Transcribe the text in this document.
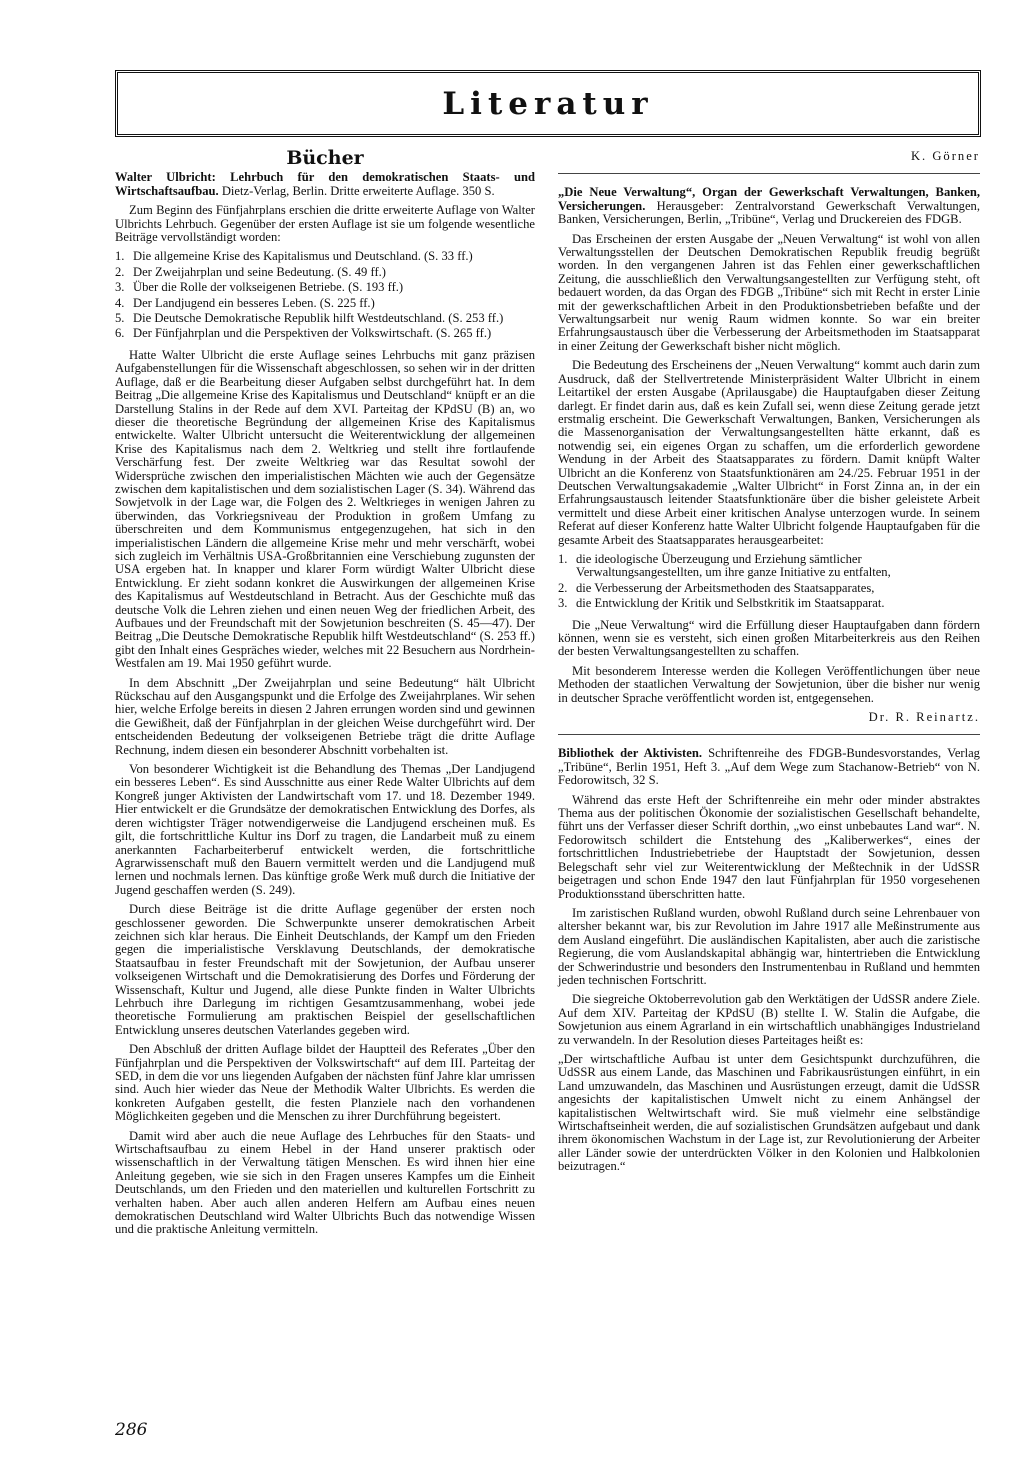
Literatur
Bücher

Walter Ulbricht: Lehrbuch für den demokratischen Staats- und Wirtschaftsaufbau. Dietz-Verlag, Berlin. Dritte erweiterte Auflage. 350 S.

Zum Beginn des Fünfjahrplans erschien die dritte erweiterte Auflage von Walter Ulbrichts Lehrbuch. Gegenüber der ersten Auflage ist sie um folgende wesentliche Beiträge vervollständigt worden:

1. Die allgemeine Krise des Kapitalismus und Deutschland. (S. 33 ff.)
2. Der Zweijahrplan und seine Bedeutung. (S. 49 ff.)
3. Über die Rolle der volkseigenen Betriebe. (S. 193 ff.)
4. Der Landjugend ein besseres Leben. (S. 225 ff.)
5. Die Deutsche Demokratische Republik hilft Westdeutschland. (S. 253 ff.)
6. Der Fünfjahrplan und die Perspektiven der Volkswirtschaft. (S. 265 ff.)

Hatte Walter Ulbricht die erste Auflage seines Lehrbuchs mit ganz präzisen Aufgabenstellungen für die Wissenschaft abgeschlossen, so sehen wir in der dritten Auflage, daß er die Bearbeitung dieser Aufgaben selbst durchgeführt hat. In dem Beitrag „Die allgemeine Krise des Kapitalismus und Deutschland“ knüpft er an die Darstellung Stalins in der Rede auf dem XVI. Parteitag der KPdSU (B) an, wo dieser die theoretische Begründung der allgemeinen Krise des Kapitalismus entwickelte. Walter Ulbricht untersucht die Weiterentwicklung der allgemeinen Krise des Kapitalismus nach dem 2. Weltkrieg und stellt ihre fortlaufende Verschärfung fest. Der zweite Weltkrieg war das Resultat sowohl der Widersprüche zwischen den imperialistischen Mächten wie auch der Gegensätze zwischen dem kapitalistischen und dem sozialistischen Lager (S. 34). Während das Sowjetvolk in der Lage war, die Folgen des 2. Weltkrieges in wenigen Jahren zu überwinden, das Vorkriegsniveau der Produktion in großem Umfang zu überschreiten und dem Kommunismus entgegenzugehen, hat sich in den imperialistischen Ländern die allgemeine Krise mehr und mehr verschärft, wobei sich zugleich im Verhältnis USA-Großbritannien eine Verschiebung zugunsten der USA ergeben hat. In knapper und klarer Form würdigt Walter Ulbricht diese Entwicklung. Er zieht sodann konkret die Auswirkungen der allgemeinen Krise des Kapitalismus auf Westdeutschland in Betracht. Aus der Geschichte muß das deutsche Volk die Lehren ziehen und einen neuen Weg der friedlichen Arbeit, des Aufbaues und der Freundschaft mit der Sowjetunion beschreiten (S. 45—47). Der Beitrag „Die Deutsche Demokratische Republik hilft Westdeutschland“ (S. 253 ff.) gibt den Inhalt eines Gespräches wieder, welches mit 22 Besuchern aus Nordrhein-Westfalen am 19. Mai 1950 geführt wurde.

In dem Abschnitt „Der Zweijahrplan und seine Bedeutung“ hält Ulbricht Rückschau auf den Ausgangspunkt und die Erfolge des Zweijahrplanes. Wir sehen hier, welche Erfolge bereits in diesen 2 Jahren errungen worden sind und gewinnen die Gewißheit, daß der Fünfjahrplan in der gleichen Weise durchgeführt wird. Der entscheidenden Bedeutung der volkseigenen Betriebe trägt die dritte Auflage Rechnung, indem diesen ein besonderer Abschnitt vorbehalten ist.

Von besonderer Wichtigkeit ist die Behandlung des Themas „Der Landjugend ein besseres Leben“. Es sind Ausschnitte aus einer Rede Walter Ulbrichts auf dem Kongreß junger Aktivisten der Landwirtschaft vom 17. und 18. Dezember 1949. Hier entwickelt er die Grundsätze der demokratischen Entwicklung des Dorfes, als deren wichtigster Träger notwendigerweise die Landjugend erscheinen muß. Es gilt, die fortschrittliche Kultur ins Dorf zu tragen, die Landarbeit muß zu einem anerkannten Facharbeiterberuf entwickelt werden, die fortschrittliche Agrarwissenschaft muß den Bauern vermittelt werden und die Landjugend muß lernen und nochmals lernen. Das künftige große Werk muß durch die Initiative der Jugend geschaffen werden (S. 249).

Durch diese Beiträge ist die dritte Auflage gegenüber der ersten noch geschlossener geworden. Die Schwerpunkte unserer demokratischen Arbeit zeichnen sich klar heraus. Die Einheit Deutschlands, der Kampf um den Frieden gegen die imperialistische Versklavung Deutschlands, der demokratische Staatsaufbau in fester Freundschaft mit der Sowjetunion, der Aufbau unserer volkseigenen Wirtschaft und die Demokratisierung des Dorfes und Förderung der Wissenschaft, Kultur und Jugend, alle diese Punkte finden in Walter Ulbrichts Lehrbuch ihre Darlegung im richtigen Gesamtzusammenhang, wobei jede theoretische Formulierung am praktischen Beispiel der gesellschaftlichen Entwicklung unseres deutschen Vaterlandes gegeben wird.

Den Abschluß der dritten Auflage bildet der Hauptteil des Referates „Über den Fünfjahrplan und die Perspektiven der Volkswirtschaft“ auf dem III. Parteitag der SED, in dem die vor uns liegenden Aufgaben der nächsten fünf Jahre klar umrissen sind. Auch hier wieder das Neue der Methodik Walter Ulbrichts. Es werden die konkreten Aufgaben gestellt, die festen Planziele nach den vorhandenen Möglichkeiten gegeben und die Menschen zu ihrer Durchführung begeistert.

Damit wird aber auch die neue Auflage des Lehrbuches für den Staats- und Wirtschaftsaufbau zu einem Hebel in der Hand unserer praktisch oder wissenschaftlich in der Verwaltung tätigen Menschen. Es wird ihnen hier eine Anleitung gegeben, wie sie sich in den Fragen unseres Kampfes um die Einheit Deutschlands, um den Frieden und den materiellen und kulturellen Fortschritt zu verhalten haben. Aber auch allen anderen Helfern am Aufbau eines neuen demokratischen Deutschland wird Walter Ulbrichts Buch das notwendige Wissen und die praktische Anleitung vermitteln.

K. Görner

„Die Neue Verwaltung“, Organ der Gewerkschaft Verwaltungen, Banken, Versicherungen. Herausgeber: Zentralvorstand Gewerkschaft Verwaltungen, Banken, Versicherungen, Berlin, „Tribüne“, Verlag und Druckereien des FDGB.

Das Erscheinen der ersten Ausgabe der „Neuen Verwaltung“ ist wohl von allen Verwaltungsstellen der Deutschen Demokratischen Republik freudig begrüßt worden. In den vergangenen Jahren ist das Fehlen einer gewerkschaftlichen Zeitung, die ausschließlich den Verwaltungsangestellten zur Verfügung steht, oft bedauert worden, da das Organ des FDGB „Tribüne“ sich mit Recht in erster Linie mit der gewerkschaftlichen Arbeit in den Produktionsbetrieben befaßte und der Verwaltungsarbeit nur wenig Raum widmen konnte. So war ein breiter Erfahrungsaustausch über die Verbesserung der Arbeitsmethoden im Staatsapparat in einer Zeitung der Gewerkschaft bisher nicht möglich.

Die Bedeutung des Erscheinens der „Neuen Verwaltung“ kommt auch darin zum Ausdruck, daß der Stellvertretende Ministerpräsident Walter Ulbricht in einem Leitartikel der ersten Ausgabe (Aprilausgabe) die Hauptaufgaben dieser Zeitung darlegt. Er findet darin aus, daß es kein Zufall sei, wenn diese Zeitung gerade jetzt erstmalig erscheint. Die Gewerkschaft Verwaltungen, Banken, Versicherungen als die Massenorganisation der Verwaltungsangestellten hätte erkannt, daß es notwendig sei, ein eigenes Organ zu schaffen, um die erforderlich gewordene Wendung in der Arbeit des Staatsapparates zu fördern. Damit knüpft Walter Ulbricht an die Konferenz von Staatsfunktionären am 24./25. Februar 1951 in der Deutschen Verwaltungsakademie „Walter Ulbricht“ in Forst Zinna an, in der ein Erfahrungsaustausch leitender Staatsfunktionäre über die bisher geleistete Arbeit vermittelt und diese Arbeit einer kritischen Analyse unterzogen wurde. In seinem Referat auf dieser Konferenz hatte Walter Ulbricht folgende Hauptaufgaben für die gesamte Arbeit des Staatsapparates herausgearbeitet:

1. die ideologische Überzeugung und Erziehung sämtlicher Verwaltungsangestellten, um ihre ganze Initiative zu entfalten,
2. die Verbesserung der Arbeitsmethoden des Staatsapparates,
3. die Entwicklung der Kritik und Selbstkritik im Staatsapparat.

Die „Neue Verwaltung“ wird die Erfüllung dieser Hauptaufgaben dann fördern können, wenn sie es versteht, sich einen großen Mitarbeiterkreis aus den Reihen der besten Verwaltungsangestellten zu schaffen.

Mit besonderem Interesse werden die Kollegen Veröffentlichungen über neue Methoden der staatlichen Verwaltung der Sowjetunion, über die bisher nur wenig in deutscher Sprache veröffentlicht worden ist, entgegensehen.

Dr. R. Reinartz.

Bibliothek der Aktivisten. Schriftenreihe des FDGB-Bundesvorstandes, Verlag „Tribüne“, Berlin 1951, Heft 3. „Auf dem Wege zum Stachanow-Betrieb“ von N. Fedorowitsch, 32 S.

Während das erste Heft der Schriftenreihe ein mehr oder minder abstraktes Thema aus der politischen Ökonomie der sozialistischen Gesellschaft behandelte, führt uns der Verfasser dieser Schrift dorthin, „wo einst unbebautes Land war“. N. Fedorowitsch schildert die Entstehung des „Kaliberwerkes“, eines der fortschrittlichen Industriebetriebe der Hauptstadt der Sowjetunion, dessen Belegschaft sehr viel zur Weiterentwicklung der Meßtechnik in der UdSSR beigetragen und schon Ende 1947 den laut Fünfjahrplan für 1950 vorgesehenen Produktionsstand überschritten hatte.

Im zaristischen Rußland wurden, obwohl Rußland durch seine Lehrenbauer von altersher bekannt war, bis zur Revolution im Jahre 1917 alle Meßinstrumente aus dem Ausland eingeführt. Die ausländischen Kapitalisten, aber auch die zaristische Regierung, die vom Auslandskapital abhängig war, hintertrieben die Entwicklung der Schwerindustrie und besonders den Instrumentenbau in Rußland und hemmten jeden technischen Fortschritt.

Die siegreiche Oktoberrevolution gab den Werktätigen der UdSSR andere Ziele. Auf dem XIV. Parteitag der KPdSU (B) stellte I. W. Stalin die Aufgabe, die Sowjetunion aus einem Agrarland in ein wirtschaftlich unabhängiges Industrieland zu verwandeln. In der Resolution dieses Parteitages heißt es:

„Der wirtschaftliche Aufbau ist unter dem Gesichtspunkt durchzuführen, die UdSSR aus einem Lande, das Maschinen und Fabrikausrüstungen einführt, in ein Land umzuwandeln, das Maschinen und Ausrüstungen erzeugt, damit die UdSSR angesichts der kapitalistischen Umwelt nicht zu einem Anhängsel der kapitalistischen Weltwirtschaft wird. Sie muß vielmehr eine selbständige Wirtschaftseinheit werden, die auf sozialistischen Grundsätzen aufgebaut und dank ihrem ökonomischen Wachstum in der Lage ist, zur Revolutionierung der Arbeiter aller Länder sowie der unterdrückten Völker in den Kolonien und Halbkolonien beizutragen.“

286
